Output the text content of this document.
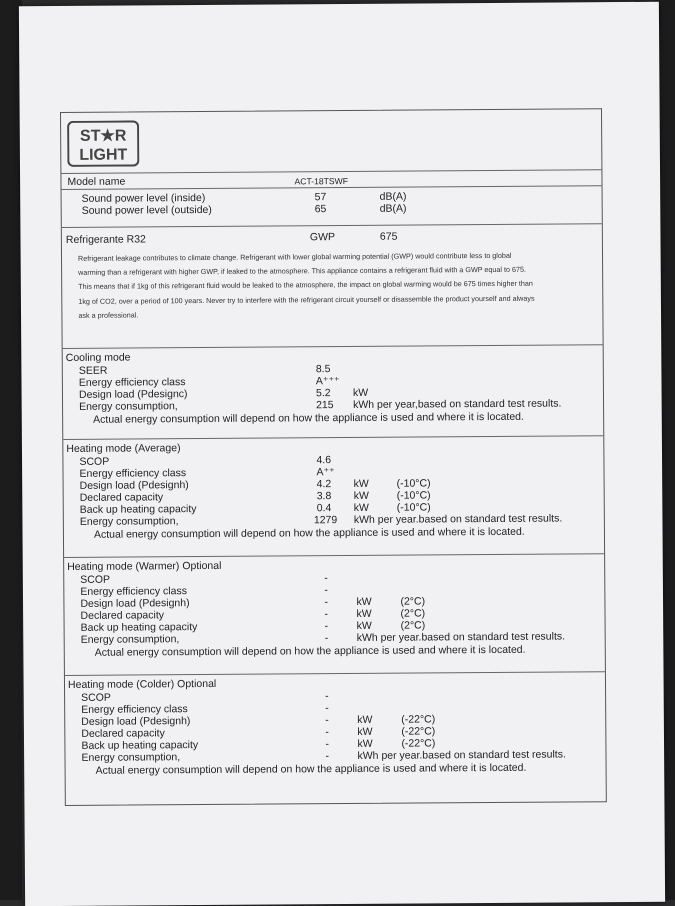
ST★R
LIGHT
Model name	ACT-18TSWF
Sound power level (inside)	57	dB(A)
Sound power level (outside)	65	dB(A)
Refrigerante R32	GWP	675
Refrigerant leakage contributes to climate change. Refrigerant with lower global warming potential (GWP) would contribute less to global warming than a refrigerant with higher GWP, if leaked to the atmosphere. This appliance contains a refrigerant fluid with a GWP equal to 675. This means that if 1kg of this refrigerant fluid would be leaked to the atmosphere, the impact on global warming would be 675 times higher than 1kg of CO2, over a period of 100 years. Never try to interfere with the refrigerant circuit yourself or disassemble the product yourself and always ask a professional.
Cooling mode
SEER	8.5
Energy efficiency class	A⁺⁺⁺
Design load (Pdesignc)	5.2 kW
Energy consumption,	215 kWh per year,based on standard test results.
Actual energy consumption will depend on how the appliance is used and where it is located.
Heating mode (Average)
SCOP	4.6
Energy efficiency class	A⁺⁺
Design load (Pdesignh)	4.2 kW	(-10°C)
Declared capacity	3.8 kW	(-10°C)
Back up heating capacity	0.4 kW	(-10°C)
Energy consumption,	1279 kWh per year.based on standard test results.
Actual energy consumption will depend on how the appliance is used and where it is located.
Heating mode (Warmer) Optional
SCOP	-
Energy efficiency class	-
Design load (Pdesignh)	-	kW	(2°C)
Declared capacity	-	kW	(2°C)
Back up heating capacity	-	kW	(2°C)
Energy consumption,	-	kWh per year.based on standard test results.
Actual energy consumption will depend on how the appliance is used and where it is located.
Heating mode (Colder) Optional
SCOP	-
Energy efficiency class	-
Design load (Pdesignh)	-	kW	(-22°C)
Declared capacity	-	kW	(-22°C)
Back up heating capacity	-	kW	(-22°C)
Energy consumption,	-	kWh per year.based on standard test results.
Actual energy consumption will depend on how the appliance is used and where it is located.
